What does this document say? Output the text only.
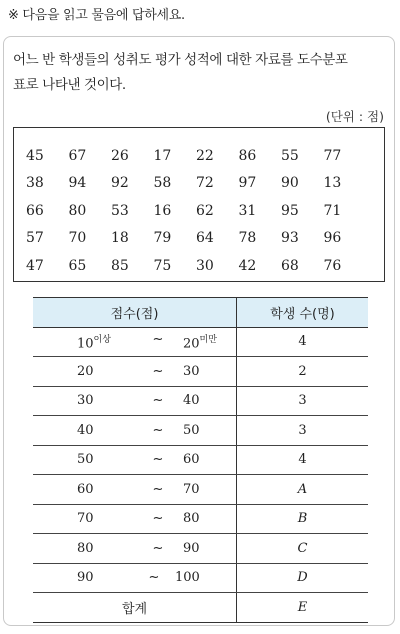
※ 다음을 읽고 물음에 답하세요.
어느 반 학생들의 성취도 평가 성적에 대한 자료를 도수분포
표로 나타낸 것이다.
(단위 : 점)
45	67	26	17	22	86	55	77
38	94	92	58	72	97	90	13
66	80	53	16	62	31	95	71
57	70	18	79	64	78	93	96
47	65	85	75	30	42	68	76
점수(점)	학생 수(명)

$10^{이상}$ ~ $20^{미만}$	4

20 ~ 30	2

30 ~ 40	3

40 ~ 50	3

50 ~ 60	4

60 ~ 70	A

70 ~ 80	B

80 ~ 90	C

90 ~ 100	D
합계	E
